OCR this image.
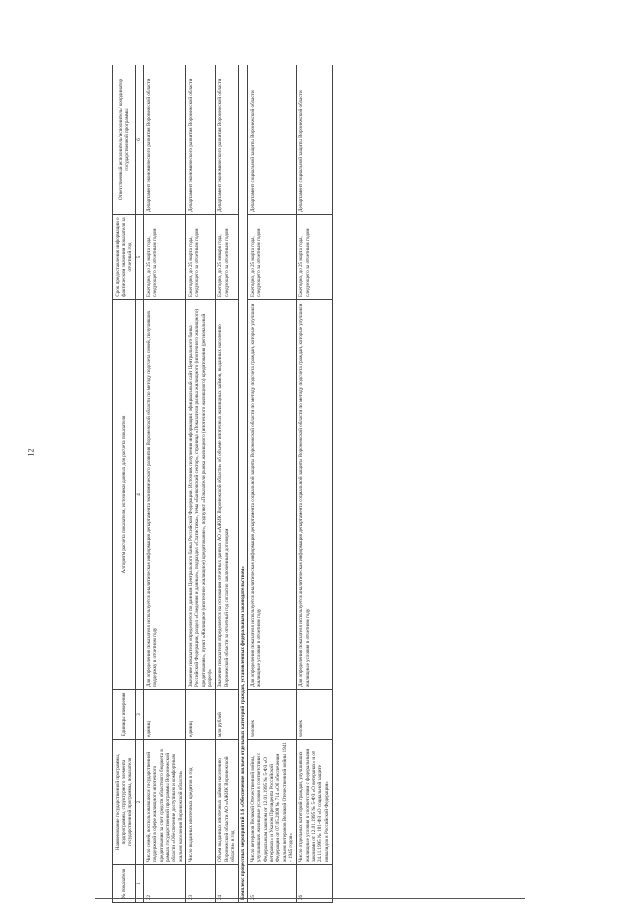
12
№ показателя	Наименование государственной программы, подпрограммы, структурного элемента государственной программы, показателя	Единицы измерения	Алгоритм расчета показателя, источники данных для расчета показателя	Срок предоставления информации о фактическом значении показателя за отчетный год	Ответственный исполнитель/исполнитель/ координатор государственной программы
1	2	3	4	5	6
22	Число семей, воспользовавшихся государственной поддержкой в сфере жилищного ипотечного кредитования за счет средств областного бюджета в рамках государственной программы Воронежской области «Обеспечение доступным и комфортным жильем населения Воронежской области»	единиц	Для определения показателя используется аналитическая информация департамента экономического развития Воронежской области по методу подсчета семей, получивших поддержку в отчетном году	Ежегодно, до 25 марта года, следующего за отчетным годом	Департамент экономического развития Воронежской области
23	Число выданных ипотечных кредитов в год	единиц	Значение показателя определяется по данным Центрального банка Российской Федерации. Источник получения информации: официальный сайт Центрального банка Российской Федерации, раздел «Сведения и данные», подраздел «Статистика», тема «Банковский сектор», страница «Показатели рынка жилищного (ипотечного жилищного) кредитования», пункт «Жилищное (ипотечное жилищное) кредитование», подпункт «Показатели рынка жилищного (ипотечного жилищного) кредитования (региональный разрез)»	Ежегодно, до 25 марта года, следующего за отчетным годом	Департамент экономического развития Воронежской области
24	Объем выданных ипотечных займов населению Воронежской области АО «АЖИК Воронежской области» в год	млн рублей	Значение показателя определяется на основании отчетных данных АО «АЖИК Воронежской области» об объеме ипотечных жилищных займов, выданных населению Воронежской области за отчетный год согласно заключенным договорам	Ежегодно, до 25 января года, следующего за отчетным годом	Департамент экономического развития Воронежской области
Комплекс процессных мероприятий 1.6 «Обеспечение жильем отдельных категорий граждан, установленных федеральным законодательством»					
25	Число ветеранов Великой Отечественной войны, улучшивших жилищные условия в соответствии с Федеральным законом от 12.01.1995 № 5-ФЗ «О ветеранах» и Указом Президента Российской Федерации от 07.05.2008 № 714 «Об обеспечении жильем ветеранов Великой Отечественной войны 1941 - 1945 годов»	человек	Для определения показателя используется аналитическая информация департамента социальной защиты Воронежской области по методу подсчета граждан, которые улучшили жилищные условия в отчетном году	Ежегодно, до 25 марта года, следующего за отчетным годом	Департамент социальной защиты Воронежской области
26	Число отдельных категорий граждан, улучшивших жилищные условия в соответствии с федеральными законами от 12.01.1995 № 5-ФЗ «О ветеранах» и от 24.11.1995 № 181-ФЗ «О социальной защите инвалидов в Российской Федерации»	человек	Для определения показателя используется аналитическая информация департамента социальной защиты Воронежской области по методу подсчета граждан, которые улучшили жилищные условия в отчетном году	Ежегодно, до 25 марта года, следующего за отчетным годом	Департамент социальной защиты Воронежской области
